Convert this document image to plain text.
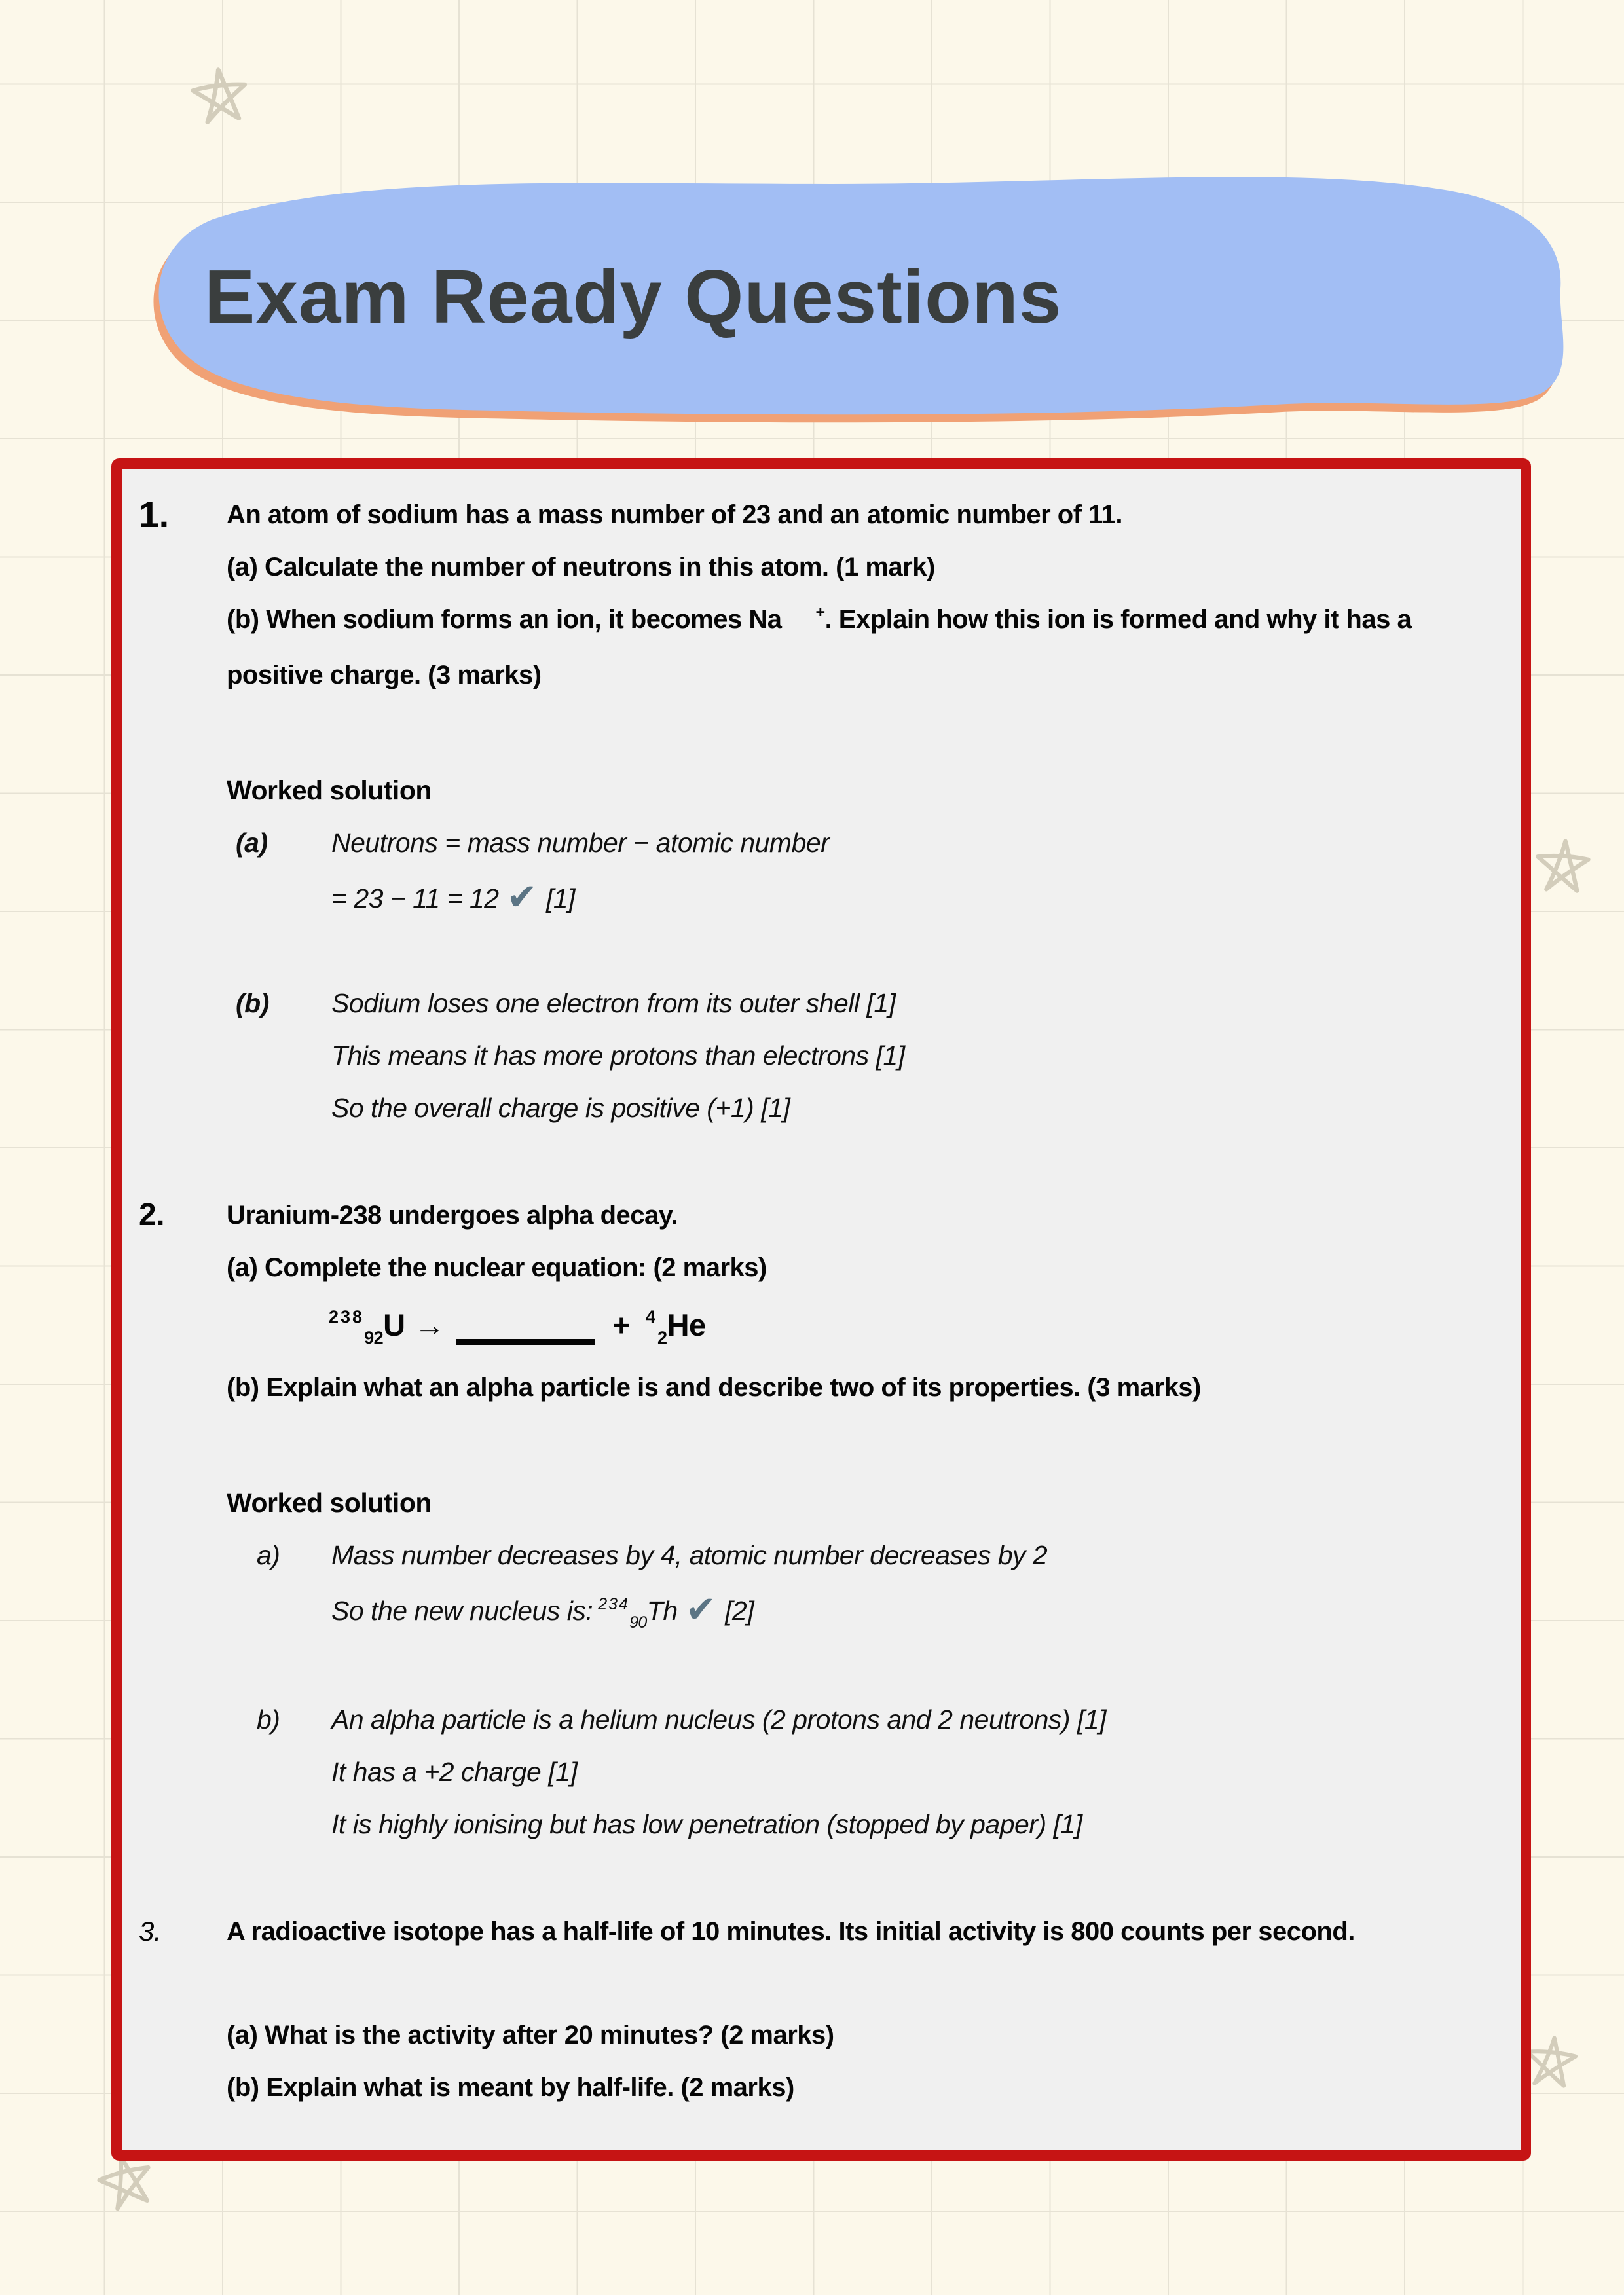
Exam Ready Questions
1.	An atom of sodium has a mass number of 23 and an atomic number of 11.
(a) Calculate the number of neutrons in this atom. (1 mark)
(b) When sodium forms an ion, it becomes Na +. Explain how this ion is formed and why it has a positive charge. (3 marks)
Worked solution
(a)	Neutrons = mass number − atomic number
= 23 − 11 = 12 ✔ [1]
(b)	Sodium loses one electron from its outer shell [1]
This means it has more protons than electrons [1]
So the overall charge is positive (+1) [1]
2.	Uranium-238 undergoes alpha decay.
(a) Complete the nuclear equation: (2 marks)
$^{238}_{92}$U →	+ $^4_2$He
(b) Explain what an alpha particle is and describe two of its properties. (3 marks)
Worked solution
a)	Mass number decreases by 4, atomic number decreases by 2
So the new nucleus is: $^{234}_{90}$Th ✔ [2]
b)	An alpha particle is a helium nucleus (2 protons and 2 neutrons) [1]
It has a +2 charge [1]
It is highly ionising but has low penetration (stopped by paper) [1]
3.	A radioactive isotope has a half-life of 10 minutes. Its initial activity is 800 counts per second.
(a) What is the activity after 20 minutes? (2 marks)
(b) Explain what is meant by half-life. (2 marks)
